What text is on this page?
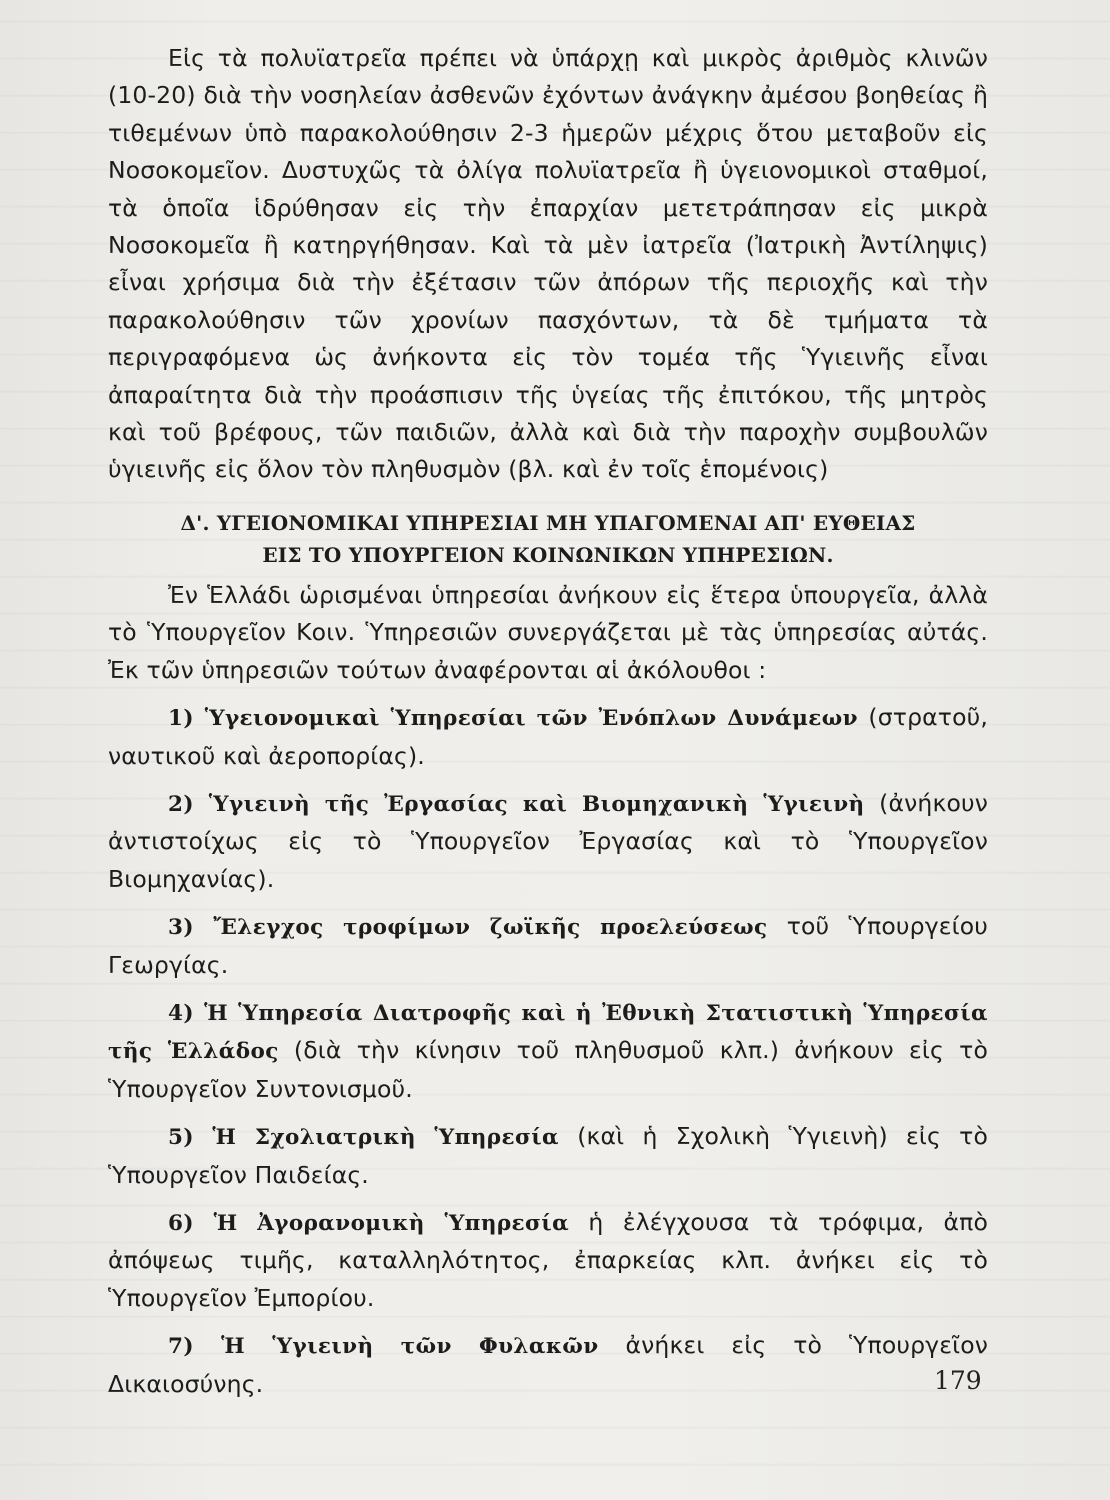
Εἰς τὰ πολυϊατρεῖα πρέπει νὰ ὑπάρχῃ καὶ μικρὸς ἀριθμὸς κλινῶν (10-20) διὰ τὴν νοσηλείαν ἀσθενῶν ἐχόντων ἀνάγκην ἀμέσου βοηθείας ἢ τιθεμένων ὑπὸ παρακολούθησιν 2-3 ἡμερῶν μέχρις ὅτου μεταβοῦν εἰς Νοσοκομεῖον. Δυστυχῶς τὰ ὀλίγα πολυϊατρεῖα ἢ ὑγειονομικοὶ σταθμοί, τὰ ὁποῖα ἱδρύθησαν εἰς τὴν ἐπαρχίαν μετετράπησαν εἰς μικρὰ Νοσοκομεῖα ἢ κατηργήθησαν. Καὶ τὰ μὲν ἰατρεῖα (Ἰατρικὴ Ἀντίληψις) εἶναι χρήσιμα διὰ τὴν ἐξέτασιν τῶν ἀπόρων τῆς περιοχῆς καὶ τὴν παρακολούθησιν τῶν χρονίων πασχόντων, τὰ δὲ τμήματα τὰ περιγραφόμενα ὡς ἀνήκοντα εἰς τὸν τομέα τῆς Ὑγιεινῆς εἶναι ἀπαραίτητα διὰ τὴν προάσπισιν τῆς ὑγείας τῆς ἐπιτόκου, τῆς μητρὸς καὶ τοῦ βρέφους, τῶν παιδιῶν, ἀλλὰ καὶ διὰ τὴν παροχὴν συμβουλῶν ὑγιεινῆς εἰς ὅλον τὸν πληθυσμὸν (βλ. καὶ ἐν τοῖς ἑπομένοις)

Δ'. ΥΓΕΙΟΝΟΜΙΚΑΙ ΥΠΗΡΕΣΙΑΙ ΜΗ ΥΠΑΓΟΜΕΝΑΙ ΑΠ' ΕΥΘΕΙΑΣ
ΕΙΣ ΤΟ ΥΠΟΥΡΓΕΙΟΝ ΚΟΙΝΩΝΙΚΩΝ ΥΠΗΡΕΣΙΩΝ.

Ἐν Ἑλλάδι ὡρισμέναι ὑπηρεσίαι ἀνήκουν εἰς ἕτερα ὑπουργεῖα, ἀλλὰ τὸ Ὑπουργεῖον Κοιν. Ὑπηρεσιῶν συνεργάζεται μὲ τὰς ὑπηρεσίας αὐτάς. Ἐκ τῶν ὑπηρεσιῶν τούτων ἀναφέρονται αἱ ἀκόλουθοι :

1) Ὑγειονομικαὶ Ὑπηρεσίαι τῶν Ἐνόπλων Δυνάμεων (στρατοῦ, ναυτικοῦ καὶ ἀεροπορίας).

2) Ὑγιεινὴ τῆς Ἐργασίας καὶ Βιομηχανικὴ Ὑγιεινὴ (ἀνήκουν ἀντιστοίχως εἰς τὸ Ὑπουργεῖον Ἐργασίας καὶ τὸ Ὑπουργεῖον Βιομηχανίας).

3) Ἔλεγχος τροφίμων ζωϊκῆς προελεύσεως τοῦ Ὑπουργείου Γεωργίας.

4) Ἡ Ὑπηρεσία Διατροφῆς καὶ ἡ Ἐθνικὴ Στατιστικὴ Ὑπηρεσία τῆς Ἑλλάδος (διὰ τὴν κίνησιν τοῦ πληθυσμοῦ κλπ.) ἀνήκουν εἰς τὸ Ὑπουργεῖον Συντονισμοῦ.

5) Ἡ Σχολιατρικὴ Ὑπηρεσία (καὶ ἡ Σχολικὴ Ὑγιεινὴ) εἰς τὸ Ὑπουργεῖον Παιδείας.

6) Ἡ Ἀγορανομικὴ Ὑπηρεσία ἡ ἐλέγχουσα τὰ τρόφιμα, ἀπὸ ἀπόψεως τιμῆς, καταλληλότητος, ἐπαρκείας κλπ. ἀνήκει εἰς τὸ Ὑπουργεῖον Ἐμπορίου.

7) Ἡ Ὑγιεινὴ τῶν Φυλακῶν ἀνήκει εἰς τὸ Ὑπουργεῖον Δικαιοσύνης.	179
